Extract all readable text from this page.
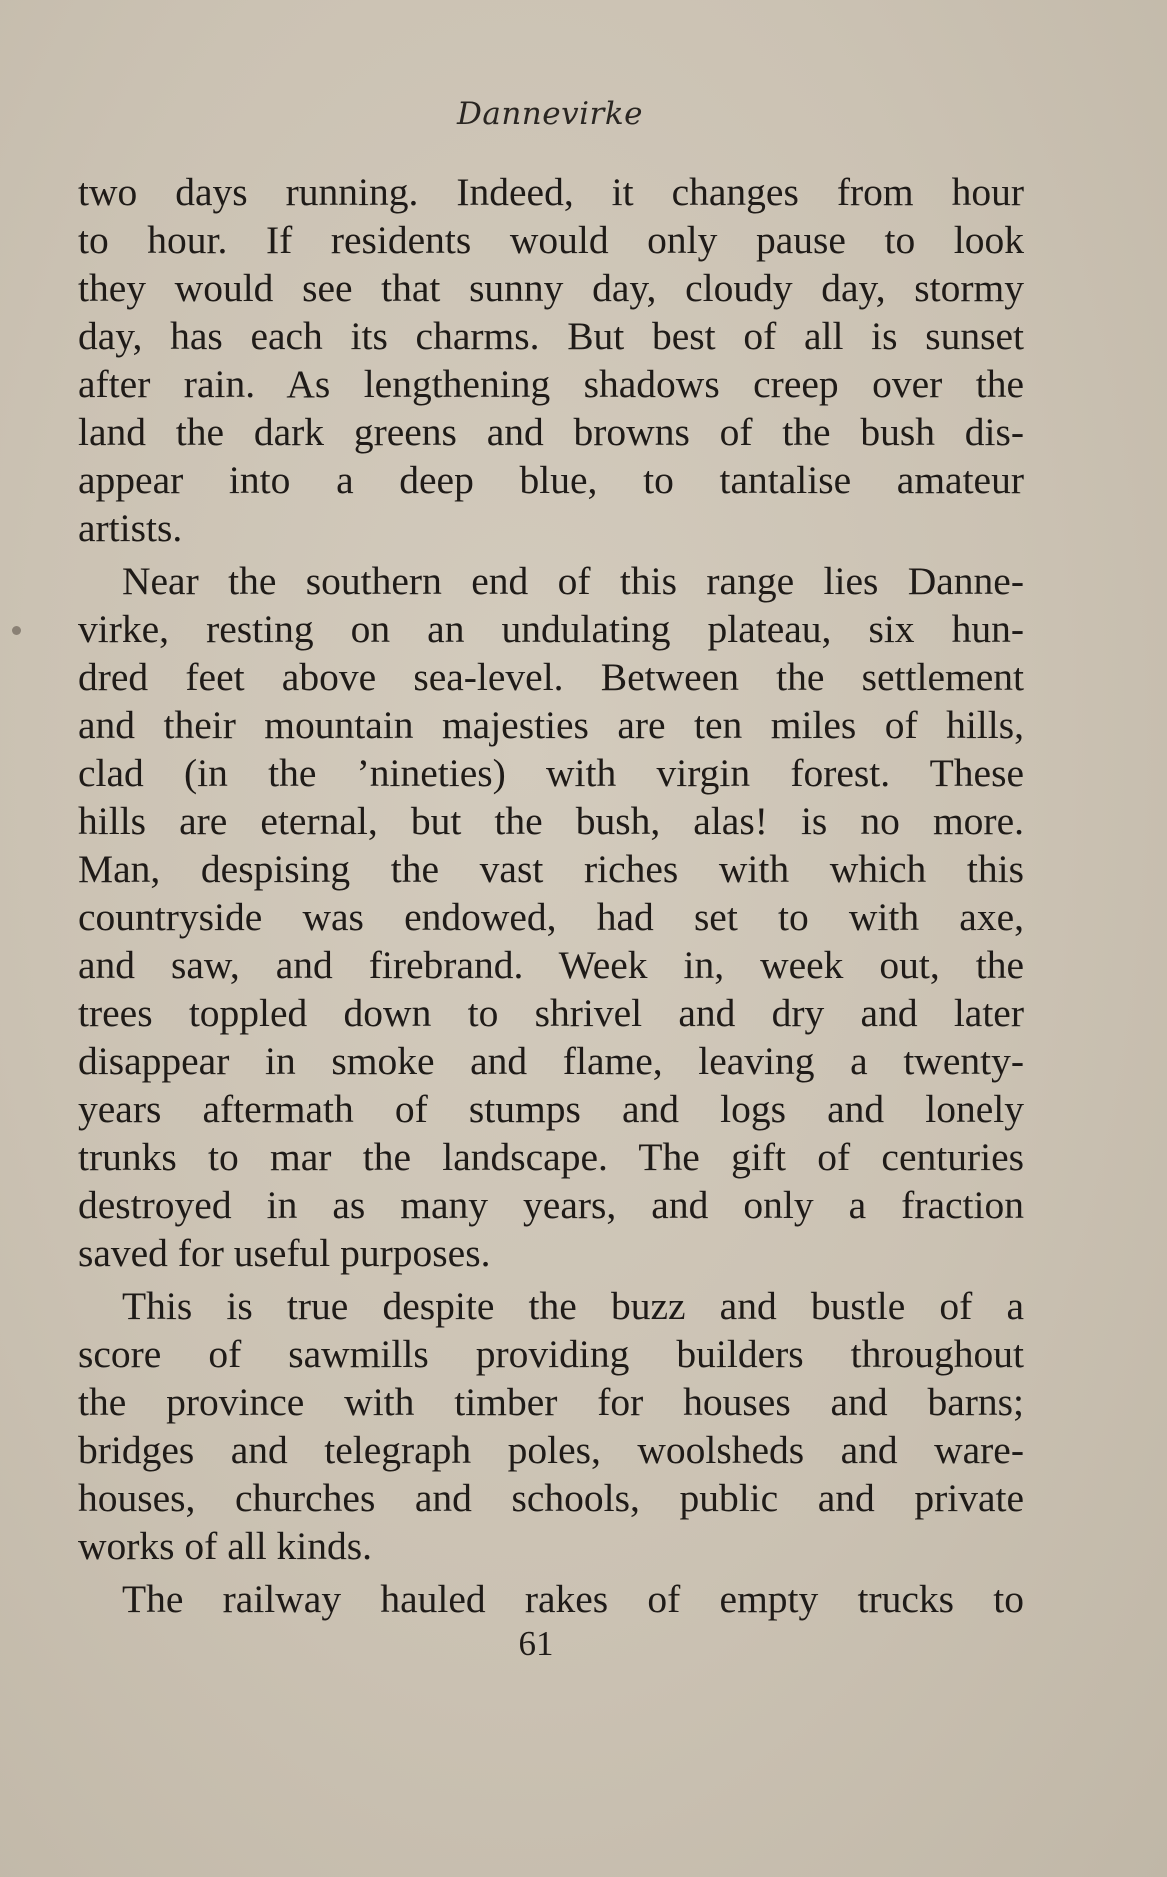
Dannevirke
two days running. Indeed, it changes from hour
to hour. If residents would only pause to look
they would see that sunny day, cloudy day, stormy
day, has each its charms. But best of all is sunset
after rain. As lengthening shadows creep over the
land the dark greens and browns of the bush dis-
appear into a deep blue, to tantalise amateur
artists.
Near the southern end of this range lies Danne-
virke, resting on an undulating plateau, six hun-
dred feet above sea-level. Between the settlement
and their mountain majesties are ten miles of hills,
clad (in the ’nineties) with virgin forest. These
hills are eternal, but the bush, alas! is no more.
Man, despising the vast riches with which this
countryside was endowed, had set to with axe,
and saw, and firebrand. Week in, week out, the
trees toppled down to shrivel and dry and later
disappear in smoke and flame, leaving a twenty-
years aftermath of stumps and logs and lonely
trunks to mar the landscape. The gift of centuries
destroyed in as many years, and only a fraction
saved for useful purposes.
This is true despite the buzz and bustle of a
score of sawmills providing builders throughout
the province with timber for houses and barns;
bridges and telegraph poles, woolsheds and ware-
houses, churches and schools, public and private
works of all kinds.
The railway hauled rakes of empty trucks to
61
